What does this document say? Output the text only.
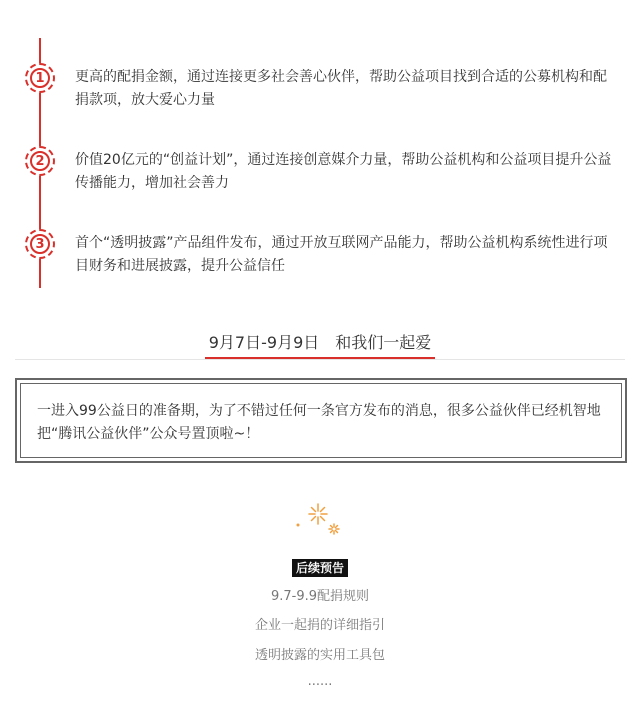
1	更高的配捐金额，通过连接更多社会善心伙伴，帮助公益项目找到合适的公募机构和配捐款项，放大爱心力量
2	价值20亿元的“创益计划”，通过连接创意媒介力量，帮助公益机构和公益项目提升公益传播能力，增加社会善力
3	首个“透明披露”产品组件发布，通过开放互联网产品能力，帮助公益机构系统性进行项目财务和进展披露，提升公益信任
9月7日-9月9日　和我们一起爱
一进入99公益日的准备期，为了不错过任何一条官方发布的消息，很多公益伙伴已经机智地把“腾讯公益伙伴”公众号置顶啦~！
后续预告
9.7-9.9配捐规则
企业一起捐的详细指引
透明披露的实用工具包
......
